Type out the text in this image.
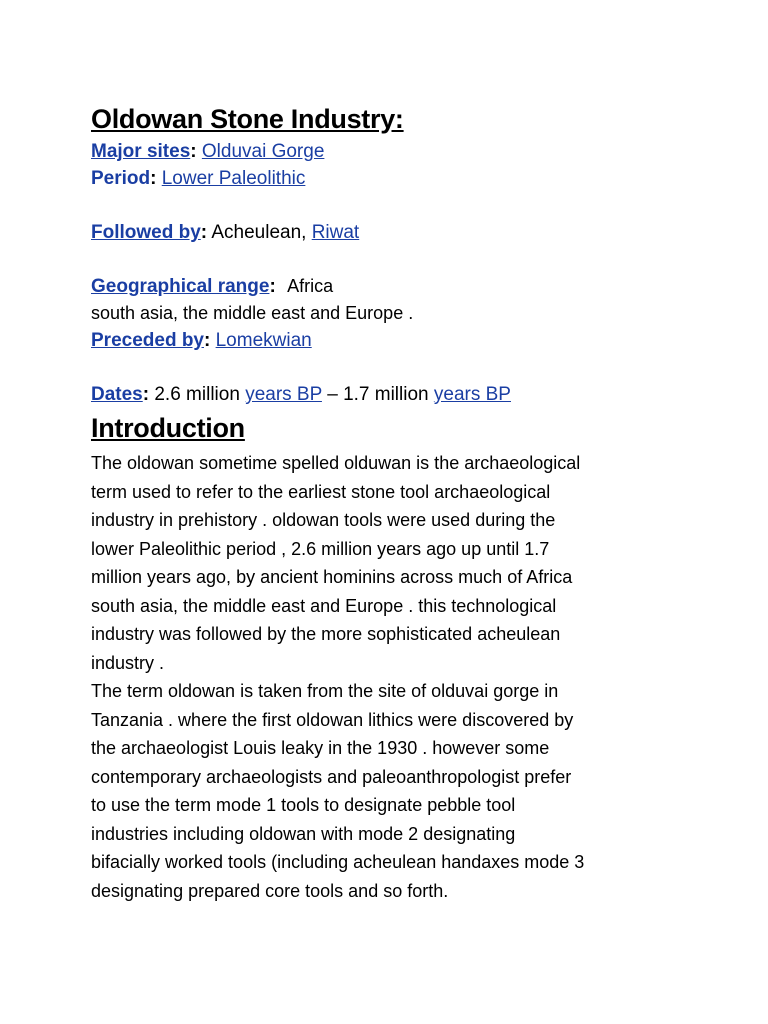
Oldowan Stone Industry:
Major sites: Olduvai Gorge
Period: Lower Paleolithic
Followed by: Acheulean, Riwat
Geographical range: Africa
south asia, the middle east and Europe .
Preceded by: Lomekwian
Dates: 2.6 million years BP – 1.7 million years BP
Introduction
The oldowan sometime spelled olduwan is the archaeological
term used to refer to the earliest stone tool archaeological
industry in prehistory . oldowan tools were used during the
lower Paleolithic period , 2.6 million years ago up until 1.7
million years ago, by ancient hominins across much of Africa
south asia, the middle east and Europe . this technological
industry was followed by the more sophisticated acheulean
industry .
The term oldowan is taken from the site of olduvai gorge in
Tanzania . where the first oldowan lithics were discovered by
the archaeologist Louis leaky in the 1930 . however some
contemporary archaeologists and paleoanthropologist prefer
to use the term mode 1 tools to designate pebble tool
industries including oldowan with mode 2 designating
bifacially worked tools (including acheulean handaxes mode 3
designating prepared core tools and so forth.
